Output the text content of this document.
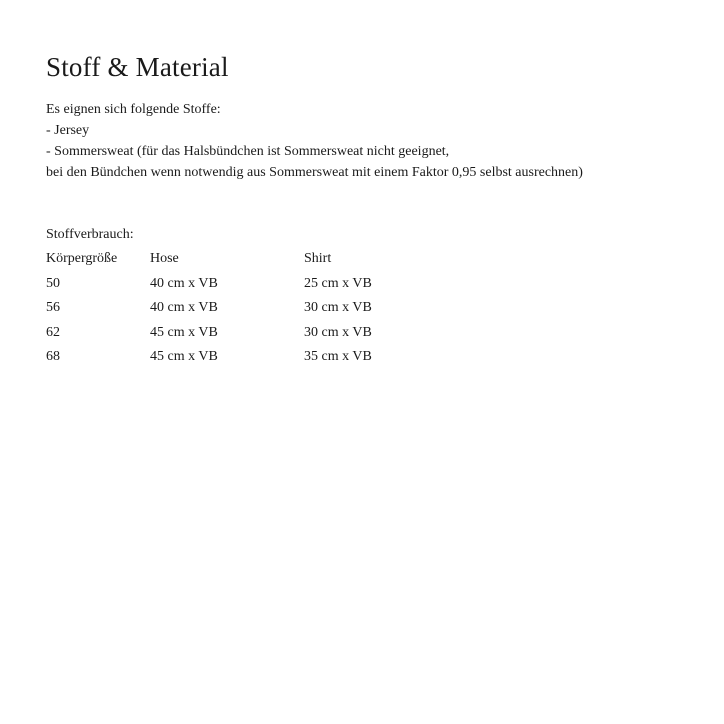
Stoff & Material
Es eignen sich folgende Stoffe:
- Jersey
- Sommersweat (für das Halsbündchen ist Sommersweat nicht geeignet,
bei den Bündchen wenn notwendig aus Sommersweat mit einem Faktor 0,95 selbst ausrechnen)
Stoffverbrauch:
Körpergröße	Hose	Shirt
50	40 cm x VB	25 cm x VB
56	40 cm x VB	30 cm x VB
62	45 cm x VB	30 cm x VB
68	45 cm x VB	35 cm x VB
